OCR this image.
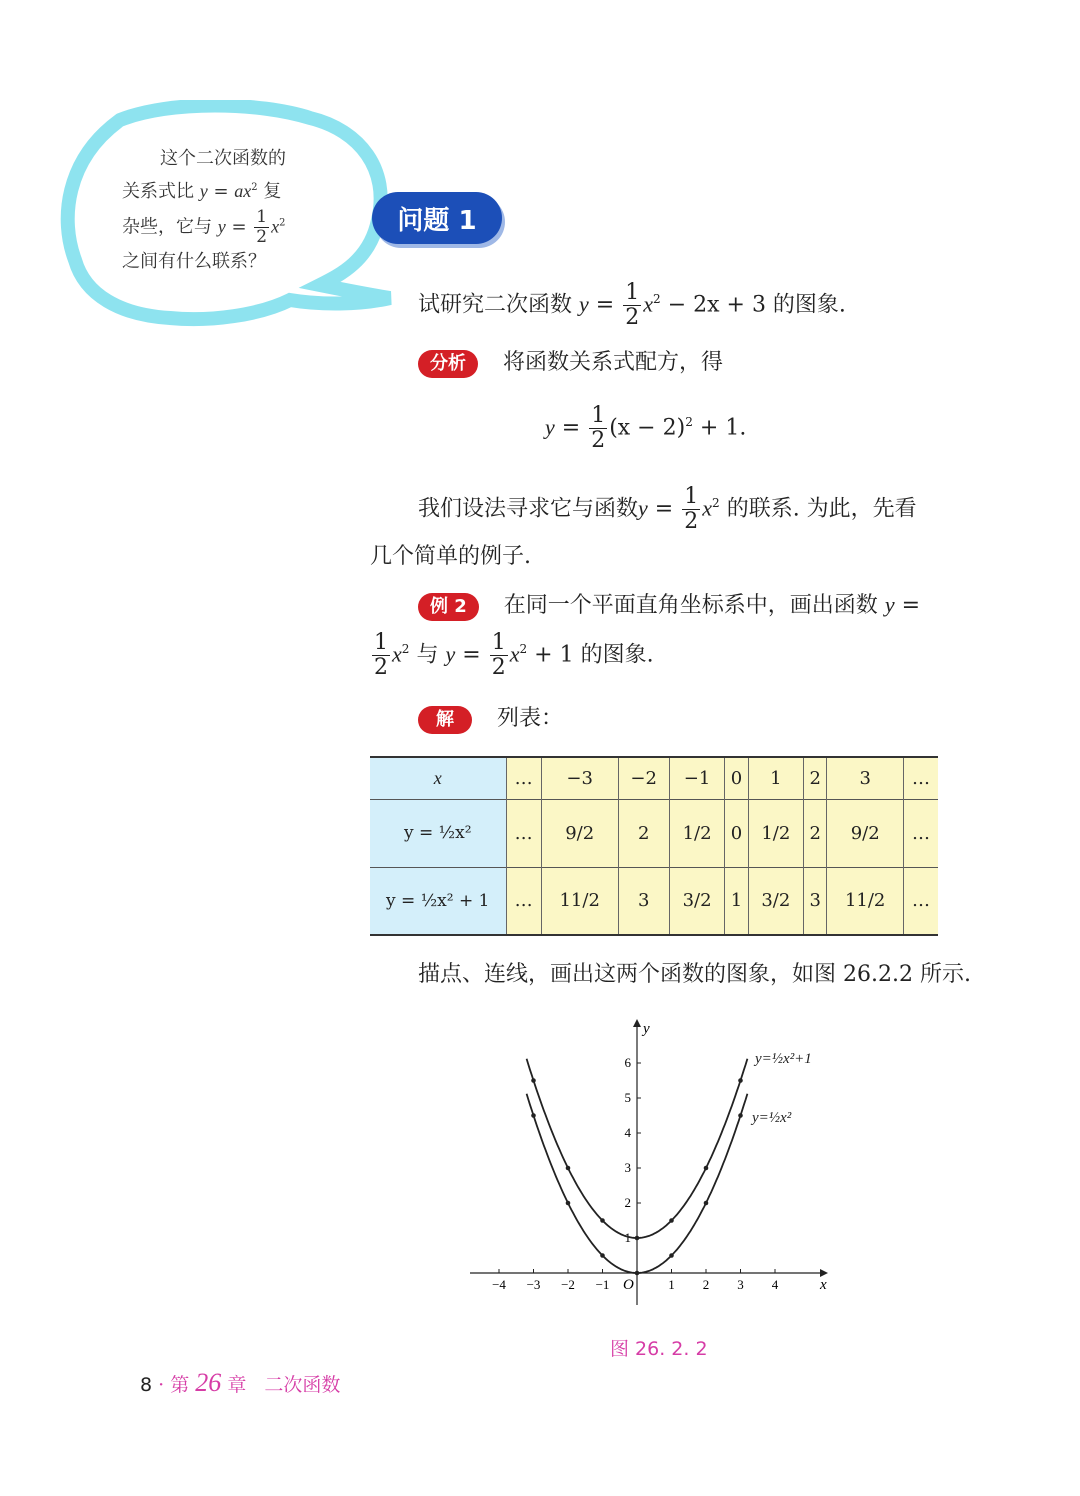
这个二次函数的
关系式比 $y = ax^2$ 复
杂些，它与 $y = \frac{1}{2} x^2$
之间有什么联系？
问题 1
试研究二次函数 $y = \frac{1}{2} x^2 - 2x + 3$ 的图象.
分析 将函数关系式配方，得
$y = \frac{1}{2} (x - 2)^2 + 1$.
我们设法寻求它与函数$y = \frac{1}{2} x^2$ 的联系. 为此，先看
几个简单的例子.
例 2 在同一个平面直角坐标系中，画出函数 y =
$\frac{1}{2} x^2$ 与 $y = \frac{1}{2} x^2 + 1$ 的图象.
解 列表：
x	…	−3	−2	−1	0	1	2	3	…
y = ½x²	…	9/2	2	1/2	0	1/2	2	9/2	…
y = ½x² + 1	…	11/2	3	3/2	1	3/2	3	11/2	…
描点、连线，画出这两个函数的图象，如图 26.2.2 所示.
x
y
O
−4 −3 −2 −1	1 2 3 4
1
2
3
4
5
6	y=½x²+1
y=½x²
图 26. 2. 2
8 · 第 26 章 二次函数
